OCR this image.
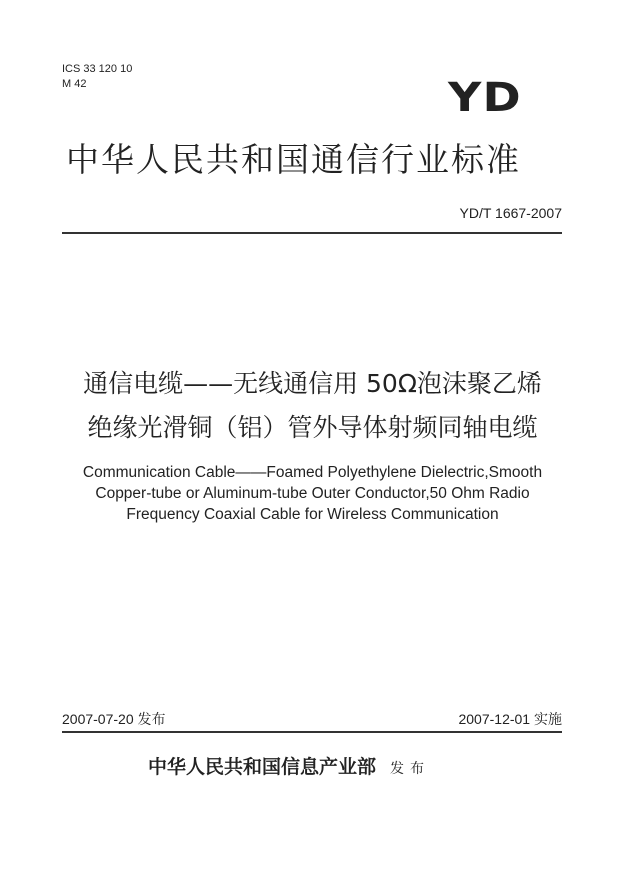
ICS 33 120 10
M 42	YD
中华人民共和国通信行业标准
YD/T 1667-2007
通信电缆——无线通信用 50Ω泡沫聚乙烯
绝缘光滑铜（铝）管外导体射频同轴电缆
Communication Cable——Foamed Polyethylene Dielectric,Smooth
Copper-tube or Aluminum-tube Outer Conductor,50 Ohm Radio
Frequency Coaxial Cable for Wireless Communication
2007-07-20 发布	2007-12-01 实施
中华人民共和国信息产业部 发布
